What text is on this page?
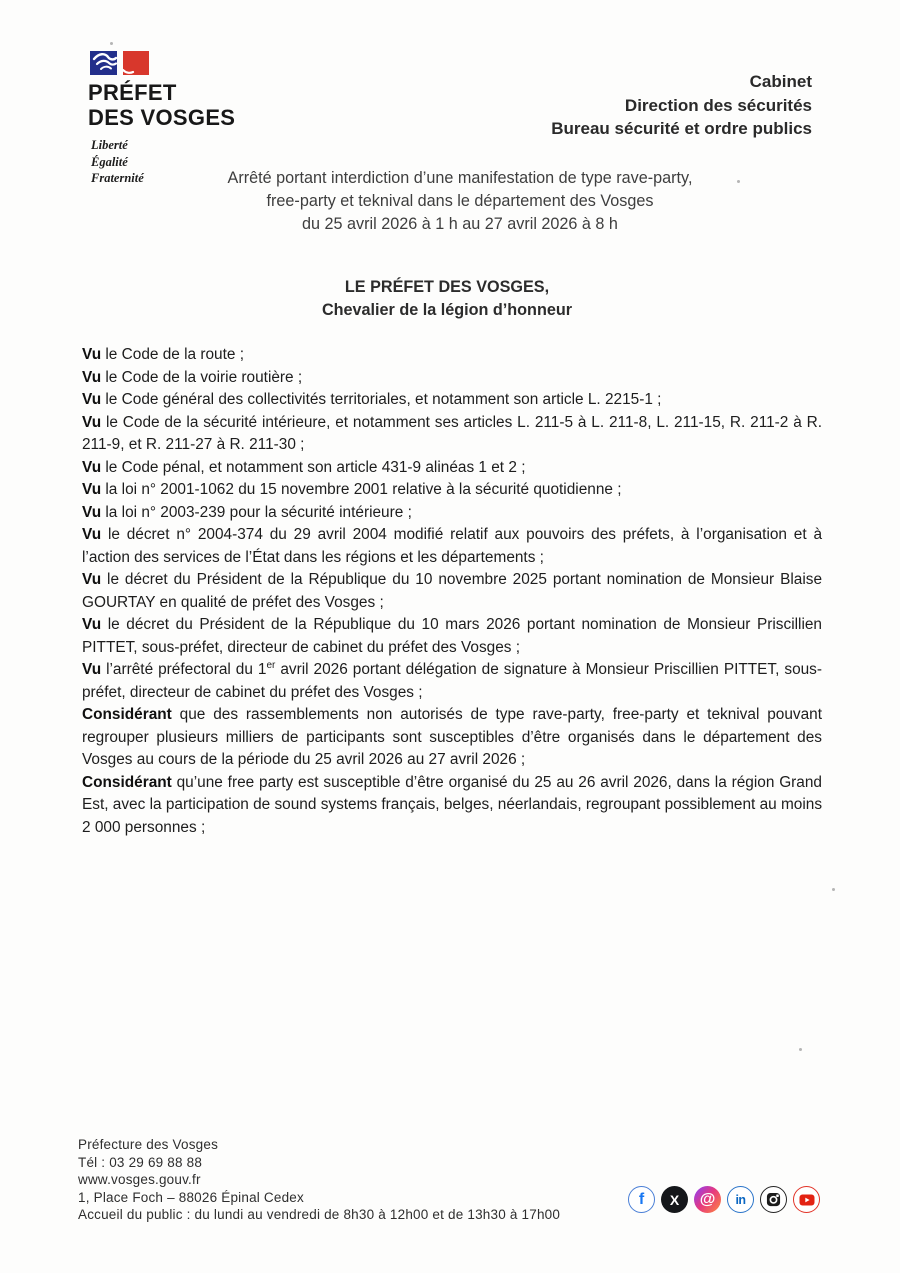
PRÉFET
DES VOSGES
Liberté
Égalité
Fraternité
Cabinet
Direction des sécurités
Bureau sécurité et ordre publics
Arrêté portant interdiction d’une manifestation de type rave-party,
free-party et teknival dans le département des Vosges
du 25 avril 2026 à 1 h au 27 avril 2026 à 8 h
LE PRÉFET DES VOSGES,
Chevalier de la légion d’honneur

Vu le Code de la route ;

Vu le Code de la voirie routière ;

Vu le Code général des collectivités territoriales, et notamment son article L. 2215-1 ;

Vu le Code de la sécurité intérieure, et notamment ses articles L. 211-5 à L. 211-8, L. 211-15, R. 211-2 à R. 211-9, et R. 211-27 à R. 211-30 ;

Vu le Code pénal, et notamment son article 431-9 alinéas 1 et 2 ;

Vu la loi n° 2001-1062 du 15 novembre 2001 relative à la sécurité quotidienne ;

Vu la loi n° 2003-239 pour la sécurité intérieure ;

Vu le décret n° 2004-374 du 29 avril 2004 modifié relatif aux pouvoirs des préfets, à l’organisation et à l’action des services de l’État dans les régions et les départements ;

Vu le décret du Président de la République du 10 novembre 2025 portant nomination de Monsieur Blaise GOURTAY en qualité de préfet des Vosges ;

Vu le décret du Président de la République du 10 mars 2026 portant nomination de Monsieur Priscillien PITTET, sous-préfet, directeur de cabinet du préfet des Vosges ;

Vu l’arrêté préfectoral du 1er avril 2026 portant délégation de signature à Monsieur Priscillien PITTET, sous-préfet, directeur de cabinet du préfet des Vosges ;

Considérant que des rassemblements non autorisés de type rave-party, free-party et teknival pouvant regrouper plusieurs milliers de participants sont susceptibles d’être organisés dans le département des Vosges au cours de la période du 25 avril 2026 au 27 avril 2026 ;

Considérant qu’une free party est susceptible d’être organisé du 25 au 26 avril 2026, dans la région Grand Est, avec la participation de sound systems français, belges, néerlandais, regroupant possiblement au moins 2 000 personnes ;

Préfecture des Vosges
Tél : 03 29 69 88 88
www.vosges.gouv.fr
1, Place Foch – 88026 Épinal Cedex
Accueil du public : du lundi au vendredi de 8h30 à 12h00 et de 13h30 à 17h00
f X @ in
